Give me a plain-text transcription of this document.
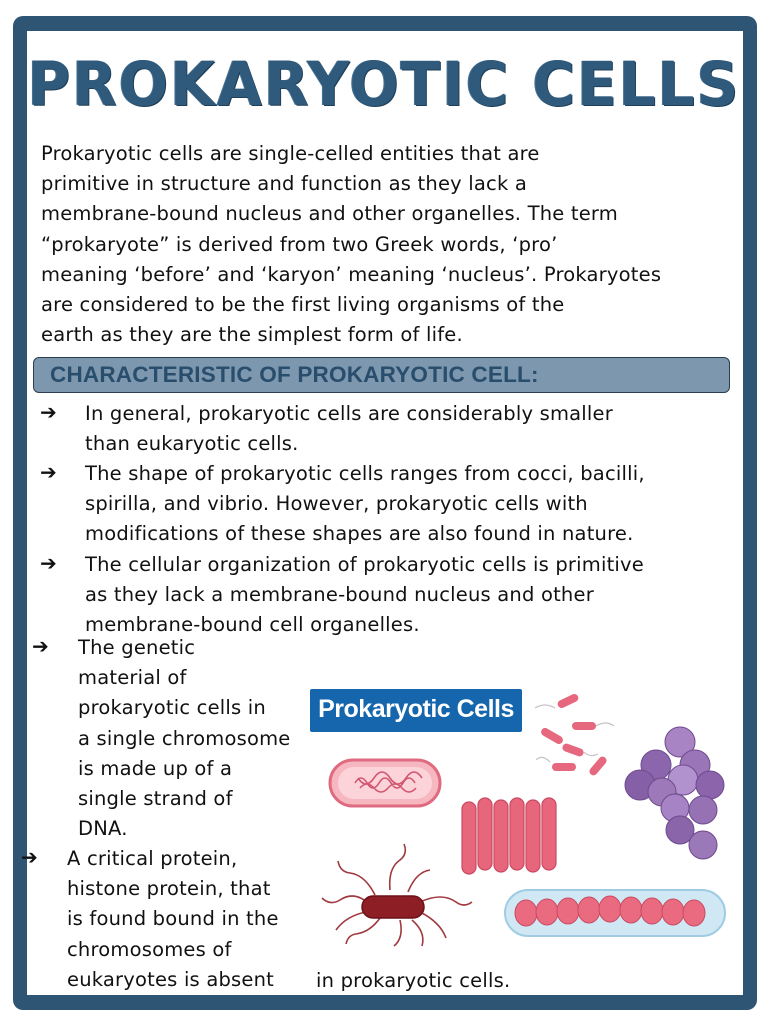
PROKARYOTIC CELLS

Prokaryotic cells are single-celled entities that are
primitive in structure and function as they lack a
membrane-bound nucleus and other organelles. The term
“prokaryote” is derived from two Greek words, ‘pro’
meaning ‘before’ and ‘karyon’ meaning ‘nucleus’. Prokaryotes
are considered to be the first living organisms of the
earth as they are the simplest form of life.

CHARACTERISTIC OF PROKARYOTIC CELL:
➔ In general, prokaryotic cells are considerably smaller
than eukaryotic cells.

➔ The shape of prokaryotic cells ranges from cocci, bacilli,
spirilla, and vibrio. However, prokaryotic cells with
modifications of these shapes are also found in nature.

➔ The cellular organization of prokaryotic cells is primitive
as they lack a membrane-bound nucleus and other
membrane-bound cell organelles.

➔ The genetic
material of
prokaryotic cells in
a single chromosome
is made up of a
single strand of
DNA.

➔ A critical protein,
histone protein, that
is found bound in the
chromosomes of
eukaryotes is absent	in prokaryotic cells.

Prokaryotic Cells
